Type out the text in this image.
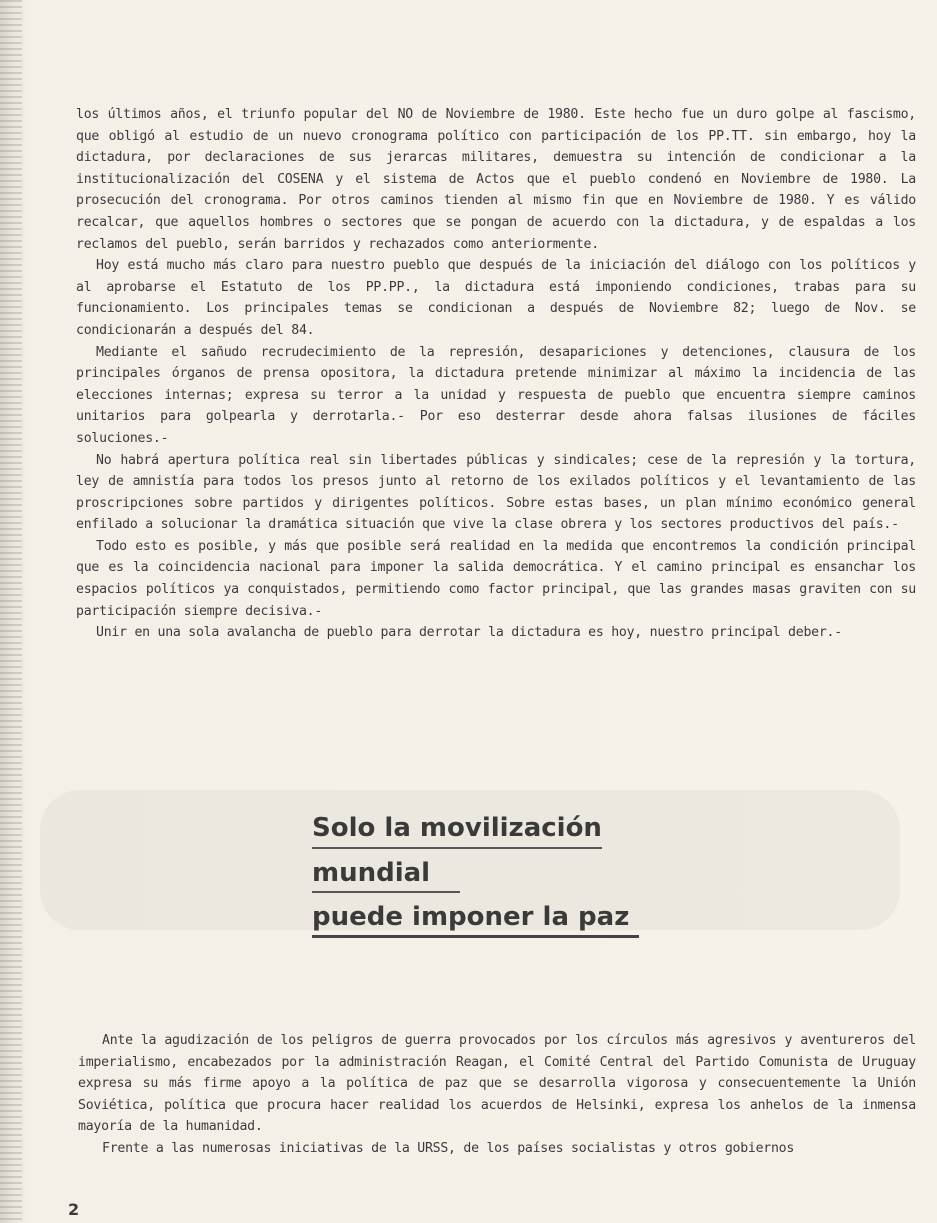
los últimos años, el triunfo popular del NO de Noviembre de 1980. Este hecho fue un duro golpe al fascismo, que obligó al estudio de un nuevo cronograma político con participación de los PP.TT. sin embargo, hoy la dictadura, por declaraciones de sus jerarcas militares, demuestra su intención de condicionar a la institucionalización del COSENA y el sistema de Actos que el pueblo condenó en Noviembre de 1980. La prosecución del cronograma. Por otros caminos tienden al mismo fin que en Noviembre de 1980. Y es válido recalcar, que aquellos hombres o sectores que se pongan de acuerdo con la dictadura, y de espaldas a los reclamos del pueblo, serán barridos y rechazados como anteriormente.

Hoy está mucho más claro para nuestro pueblo que después de la iniciación del diálogo con los políticos y al aprobarse el Estatuto de los PP.PP., la dictadura está imponiendo condiciones, trabas para su funcionamiento. Los principales temas se condicionan a después de Noviembre 82; luego de Nov. se condicionarán a después del 84.

Mediante el sañudo recrudecimiento de la represión, desapariciones y detenciones, clausura de los principales órganos de prensa opositora, la dictadura pretende minimizar al máximo la incidencia de las elecciones internas; expresa su terror a la unidad y respuesta de pueblo que encuentra siempre caminos unitarios para golpearla y derrotarla.- Por eso desterrar desde ahora falsas ilusiones de fáciles soluciones.-

No habrá apertura política real sin libertades públicas y sindicales; cese de la represión y la tortura, ley de amnistía para todos los presos junto al retorno de los exilados políticos y el levantamiento de las proscripciones sobre partidos y dirigentes políticos. Sobre estas bases, un plan mínimo económico general enfilado a solucionar la dramática situación que vive la clase obrera y los sectores productivos del país.-

Todo esto es posible, y más que posible será realidad en la medida que encontremos la condición principal que es la coincidencia nacional para imponer la salida democrática. Y el camino principal es ensanchar los espacios políticos ya conquistados, permitiendo como factor principal, que las grandes masas graviten con su participación siempre decisiva.-

Unir en una sola avalancha de pueblo para derrotar la dictadura es hoy, nuestro principal deber.-

Solo la movilización
mundial
puede imponer la paz

Ante la agudización de los peligros de guerra provocados por los círculos más agresivos y aventureros del imperialismo, encabezados por la administración Reagan, el Comité Central del Partido Comunista de Uruguay expresa su más firme apoyo a la política de paz que se desarrolla vigorosa y consecuentemente la Unión Soviética, política que procura hacer realidad los acuerdos de Helsinki, expresa los anhelos de la inmensa mayoría de la humanidad.

Frente a las numerosas iniciativas de la URSS, de los países socialistas y otros gobiernos

2
